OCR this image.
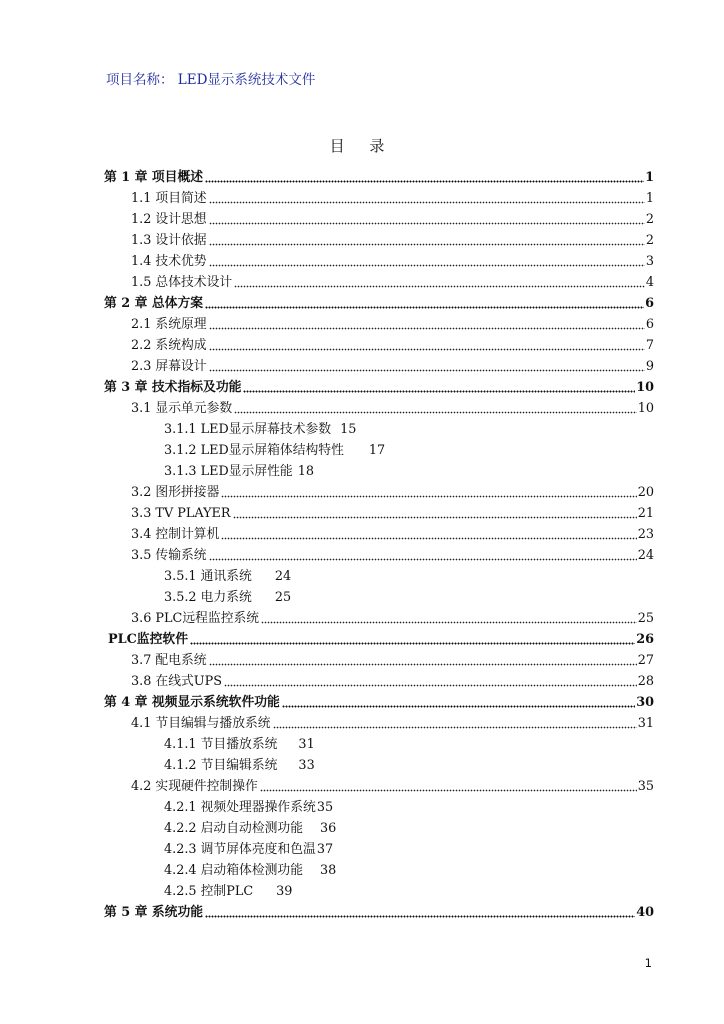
项目名称： LED显示系统技术文件
目 录
第 1 章 项目概述	1
1.1 项目简述	1
1.2 设计思想	2
1.3 设计依据	2
1.4 技术优势	3
1.5 总体技术设计	4
第 2 章 总体方案	6
2.1 系统原理	6
2.2 系统构成	7
2.3 屏幕设计	9
第 3 章 技术指标及功能	10
3.1 显示单元参数	10
3.1.1 LED显示屏幕技术参数 15
3.1.2 LED显示屏箱体结构特性 17
3.1.3 LED显示屏性能 18
3.2 图形拼接器	20
3.3 TV PLAYER	21
3.4 控制计算机	23
3.5 传输系统	24
3.5.1 通讯系统 24
3.5.2 电力系统 25
3.6 PLC远程监控系统	25
PLC监控软件	26
3.7 配电系统	27
3.8 在线式UPS	28
第 4 章 视频显示系统软件功能	30
4.1 节目编辑与播放系统	31
4.1.1 节目播放系统 31
4.1.2 节目编辑系统 33
4.2 实现硬件控制操作	35
4.2.1 视频处理器操作系统 35
4.2.2 启动自动检测功能 36
4.2.3 调节屏体亮度和色温 37
4.2.4 启动箱体检测功能 38
4.2.5 控制PLC 39
第 5 章 系统功能	40
1
